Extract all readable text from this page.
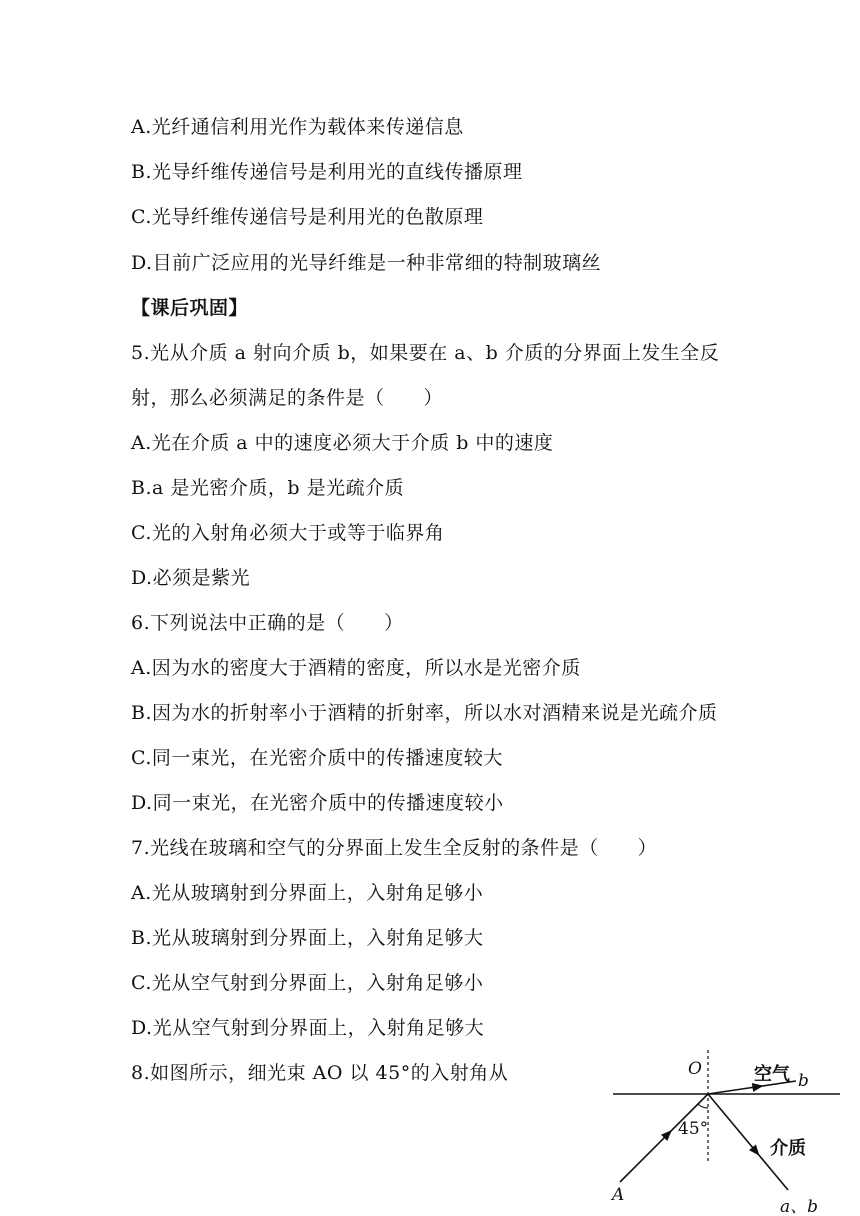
A.光纤通信利用光作为载体来传递信息
B.光导纤维传递信号是利用光的直线传播原理
C.光导纤维传递信号是利用光的色散原理
D.目前广泛应用的光导纤维是一种非常细的特制玻璃丝
【课后巩固】
5.光从介质 a 射向介质 b，如果要在 a、b 介质的分界面上发生全反
射，那么必须满足的条件是（　　）
A.光在介质 a 中的速度必须大于介质 b 中的速度
B.a 是光密介质，b 是光疏介质
C.光的入射角必须大于或等于临界角
D.必须是紫光
6.下列说法中正确的是（　　）
A.因为水的密度大于酒精的密度，所以水是光密介质
B.因为水的折射率小于酒精的折射率，所以水对酒精来说是光疏介质
C.同一束光，在光密介质中的传播速度较大
D.同一束光，在光密介质中的传播速度较小
7.光线在玻璃和空气的分界面上发生全反射的条件是（　　）
A.光从玻璃射到分界面上，入射角足够小
B.光从玻璃射到分界面上，入射角足够大
C.光从空气射到分界面上，入射角足够小
D.光从空气射到分界面上，入射角足够大
8.如图所示，细光束 AO 以 45°的入射角从	O	空气 b
45°
介质
A
a、b
